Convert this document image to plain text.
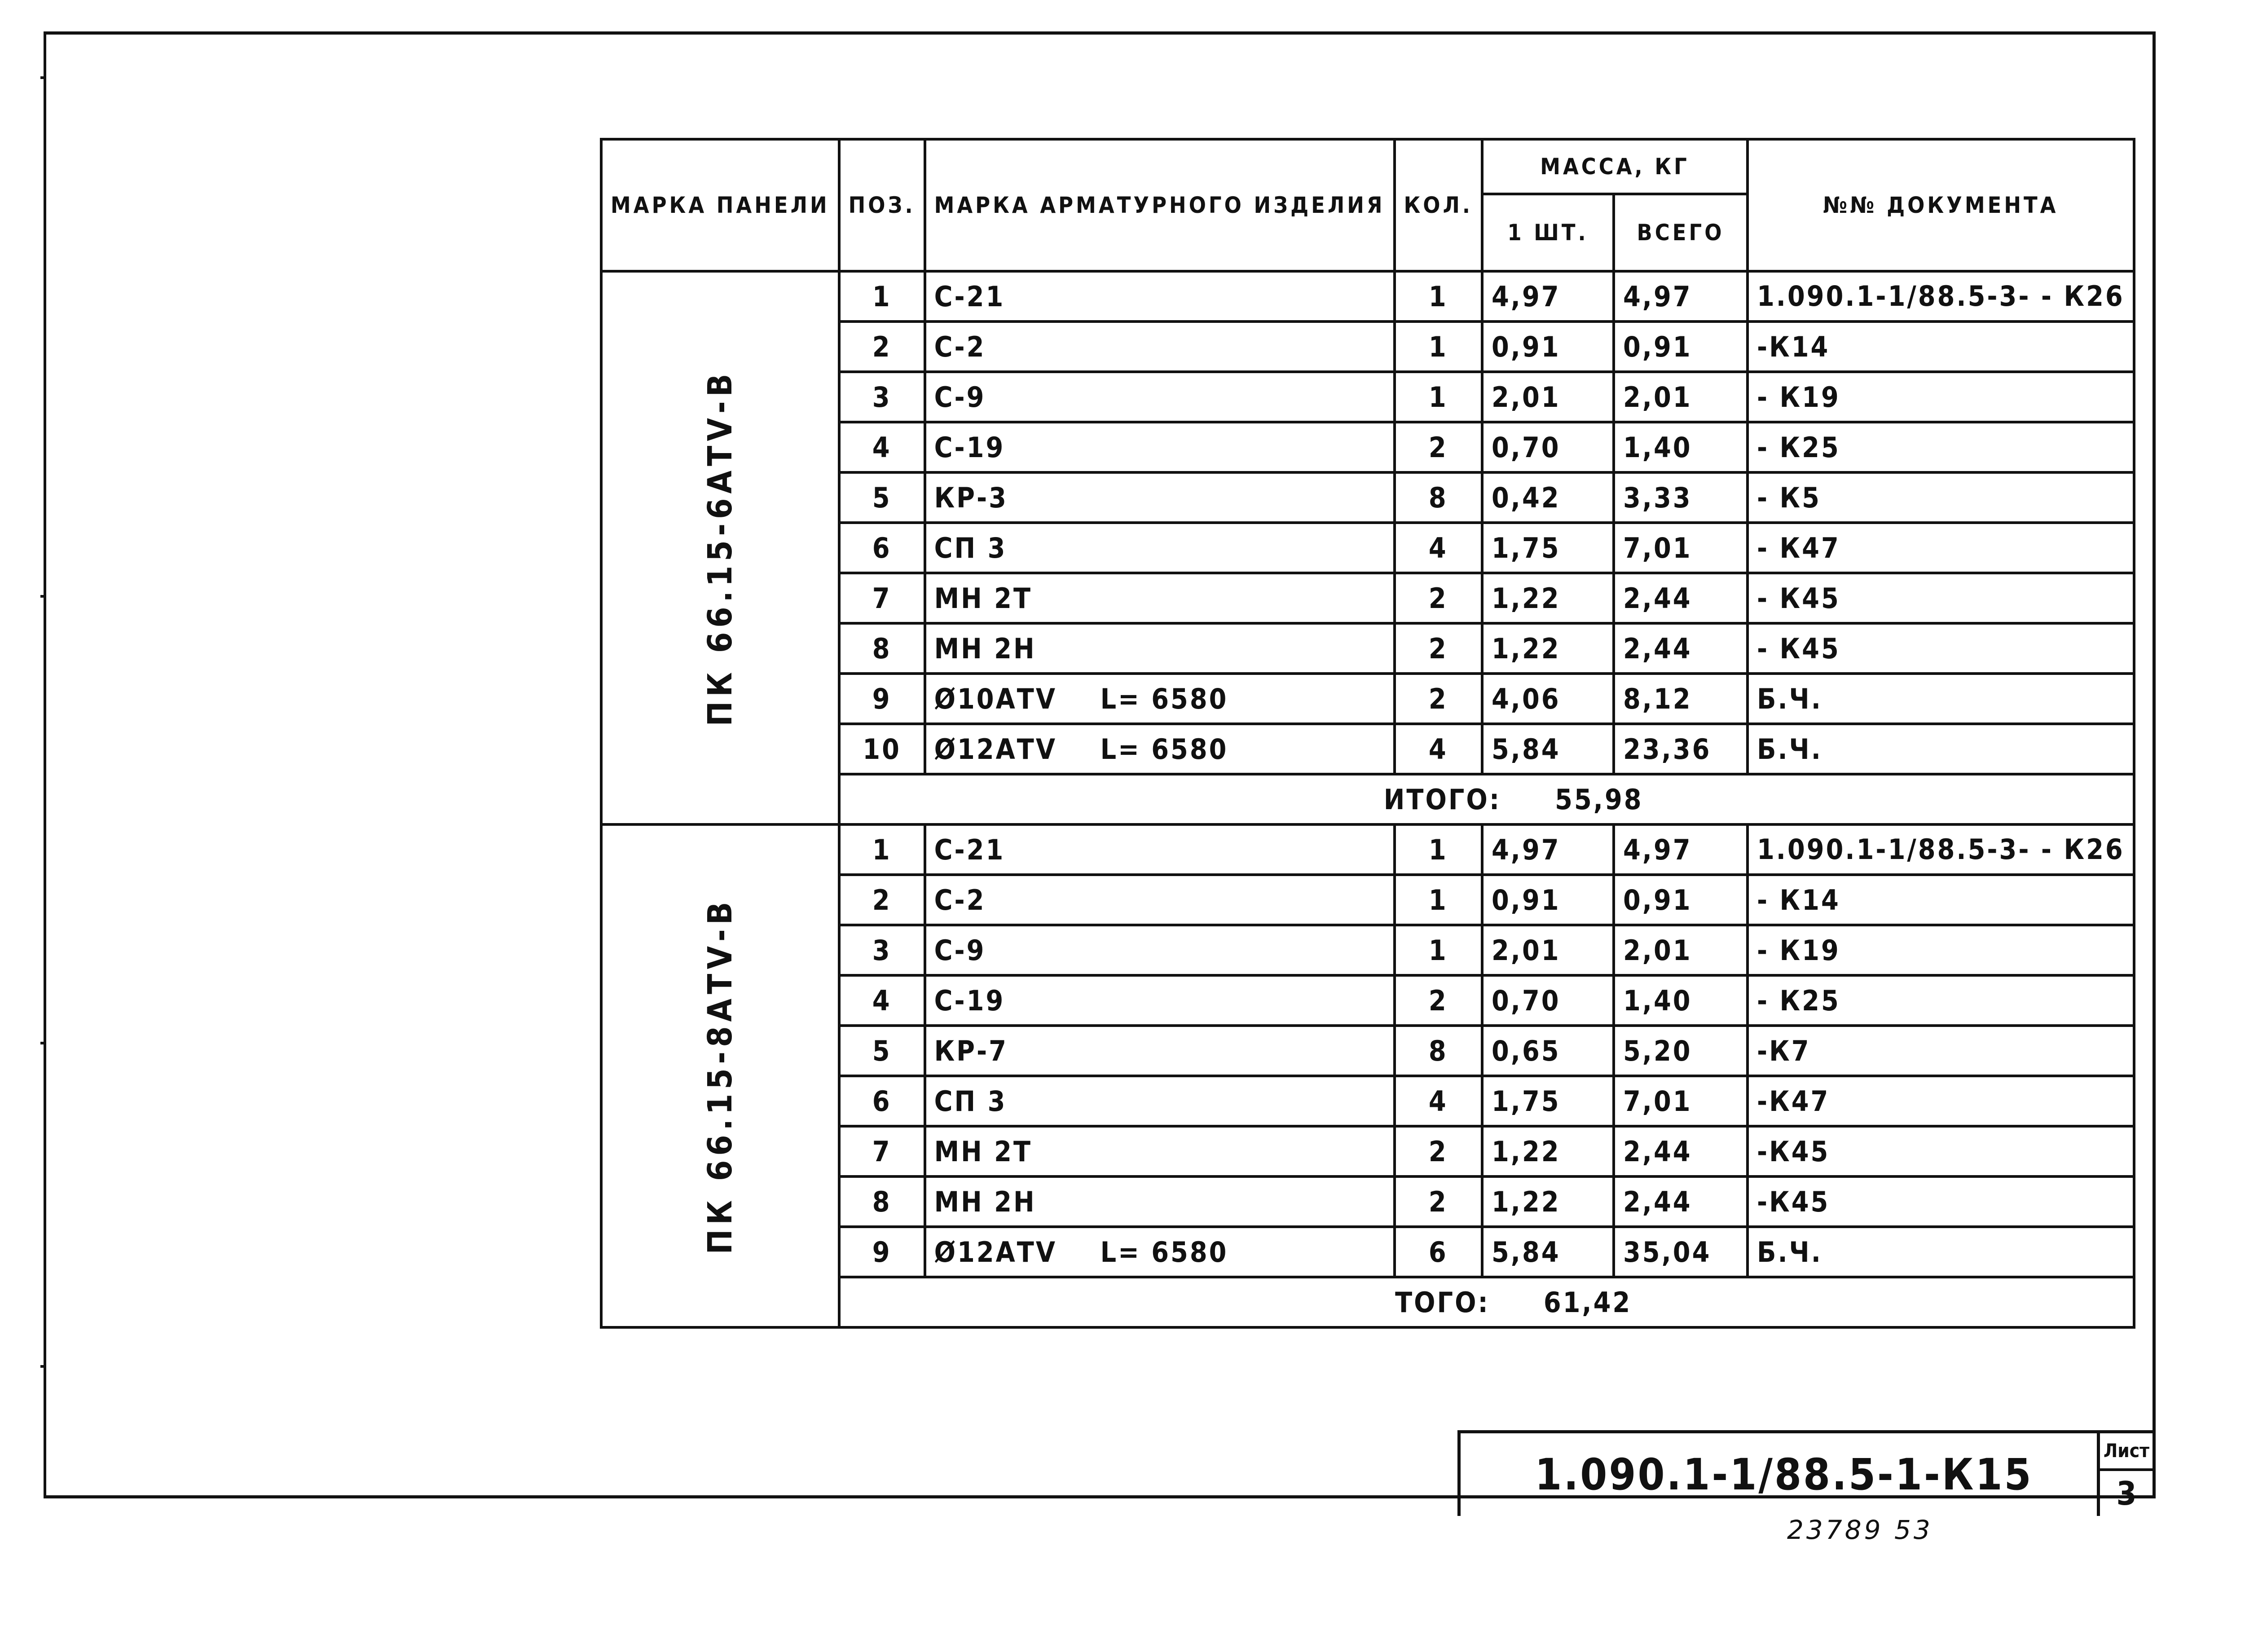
МАРКА ПАНЕЛИ	ПОЗ.	МАРКА АРМАТУРНОГО ИЗДЕЛИЯ	КОЛ.	МАССА, КГ		№№ ДОКУМЕНТА
				1 ШТ.	ВСЕГО	

ПК 66.15-6АТⅤ-В	1	С-21	1	4,97	4,97	1.090.1-1/88.5-3- - К26
	2	С-2	1	0,91	0,91	-К14
	3	С-9	1	2,01	2,01	- К19
	4	С-19	2	0,70	1,40	- К25
	5	КР-3	8	0,42	3,33	- К5
	6	СП 3	4	1,75	7,01	- К47
	7	МН 2Т	2	1,22	2,44	- К45
	8	МН 2Н	2	1,22	2,44	- К45
	9	Ø10АТⅤ L= 6580	2	4,06	8,12	Б.Ч.
	10	Ø12АТⅤ L= 6580	4	5,84	23,36	Б.Ч.
	ИТОГО: 55,98					

ПК 66.15-8АТⅤ-В	1	С-21	1	4,97	4,97	1.090.1-1/88.5-3- - К26
	2	С-2	1	0,91	0,91	- К14
	3	С-9	1	2,01	2,01	- К19
	4	С-19	2	0,70	1,40	- К25
	5	КР-7	8	0,65	5,20	-К7
	6	СП 3	4	1,75	7,01	-К47
	7	МН 2Т	2	1,22	2,44	-К45
	8	МН 2Н	2	1,22	2,44	-К45
	9	Ø12АТⅤ L= 6580	6	5,84	35,04	Б.Ч.
	ТОГО: 61,42					
1.090.1-1/88.5-1-К15	Лист
3
23789 53
